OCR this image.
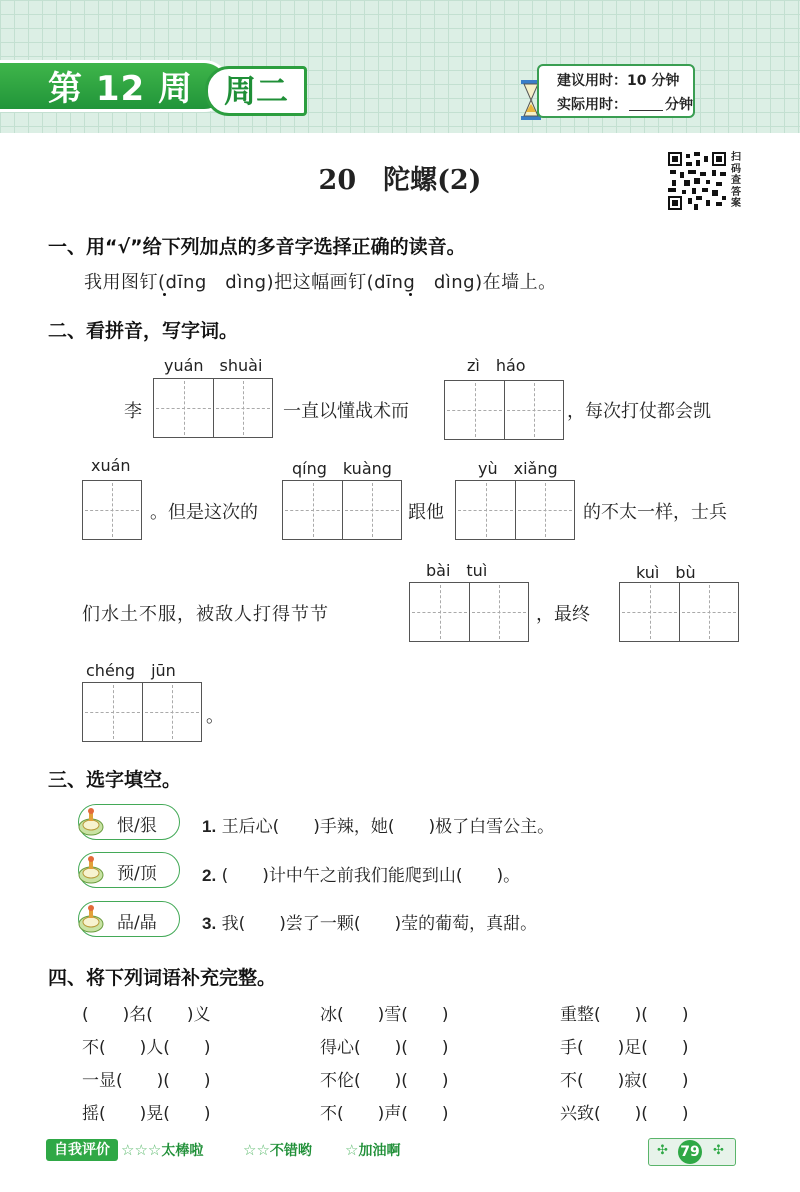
第 12 周 周二	建议用时：10 分钟
实际用时：	分钟
20　陀螺(2)
扫码查答案
一、用“√”给下列加点的多音字选择正确的读音。
我用图钉(dīng　dìng)把这幅画钉(dīng　dìng)在墙上。
二、看拼音，写字词。
yuán　shuài
李	一直以懂战术而
zì　háo
，每次打仗都会凯
xuán
。但是这次的
qíng　kuàng
跟他
yù　xiǎng
的不太一样，士兵
bài　tuì	kuì　bù
们水土不服，被敌人打得节节	，最终
chéng　jūn
。
三、选字填空。
恨/狠	1. 王后心(　　)手辣，她(　　)极了白雪公主。
预/顶	2. (　　)计中午之前我们能爬到山(　　)。
品/晶	3. 我(　　)尝了一颗(　　)莹的葡萄，真甜。
四、将下列词语补充完整。
(　　)名(　　)义	冰(　　)雪(　　)	重整(　　)(　　)
不(　　)人(　　)	得心(　　)(　　)	手(　　)足(　　)
一显(　　)(　　)	不伦(　　)(　　)	不(　　)寂(　　)
摇(　　)晃(　　)	不(　　)声(　　)	兴致(　　)(　　)
自我评价 ☆☆☆太棒啦	☆☆不错哟 ☆加油啊	✣ 79 ✣
